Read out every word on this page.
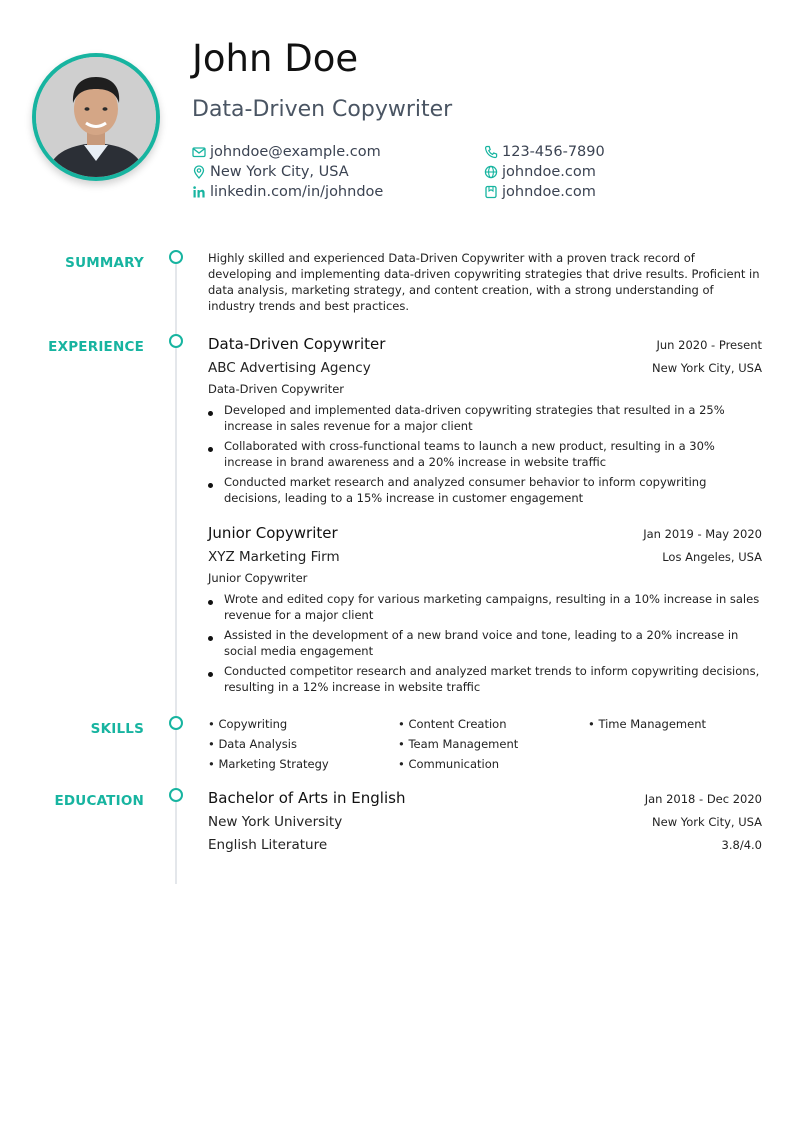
John Doe
Data-Driven Copywriter
johndoe@example.com	123-456-7890
New York City, USA	johndoe.com
linkedin.com/in/johndoe	johndoe.com
SUMMARY	Highly skilled and experienced Data-Driven Copywriter with a proven track record of developing and implementing data-driven copywriting strategies that drive results. Proficient in data analysis, marketing strategy, and content creation, with a strong understanding of industry trends and best practices.
EXPERIENCE	Data-Driven Copywriter	Jun 2020 - Present
ABC Advertising Agency	New York City, USA
Data-Driven Copywriter
Developed and implemented data-driven copywriting strategies that resulted in a 25% increase in sales revenue for a major client
Collaborated with cross-functional teams to launch a new product, resulting in a 30% increase in brand awareness and a 20% increase in website traffic
Conducted market research and analyzed consumer behavior to inform copywriting decisions, leading to a 15% increase in customer engagement
Junior Copywriter	Jan 2019 - May 2020
XYZ Marketing Firm	Los Angeles, USA
Junior Copywriter
Wrote and edited copy for various marketing campaigns, resulting in a 10% increase in sales revenue for a major client
Assisted in the development of a new brand voice and tone, leading to a 20% increase in social media engagement
Conducted competitor research and analyzed market trends to inform copywriting decisions, resulting in a 12% increase in website traffic
SKILLS	• Copywriting	• Content Creation	• Time Management
• Data Analysis	• Team Management
• Marketing Strategy	• Communication
EDUCATION	Bachelor of Arts in English	Jan 2018 - Dec 2020
New York University	New York City, USA
English Literature	3.8/4.0
